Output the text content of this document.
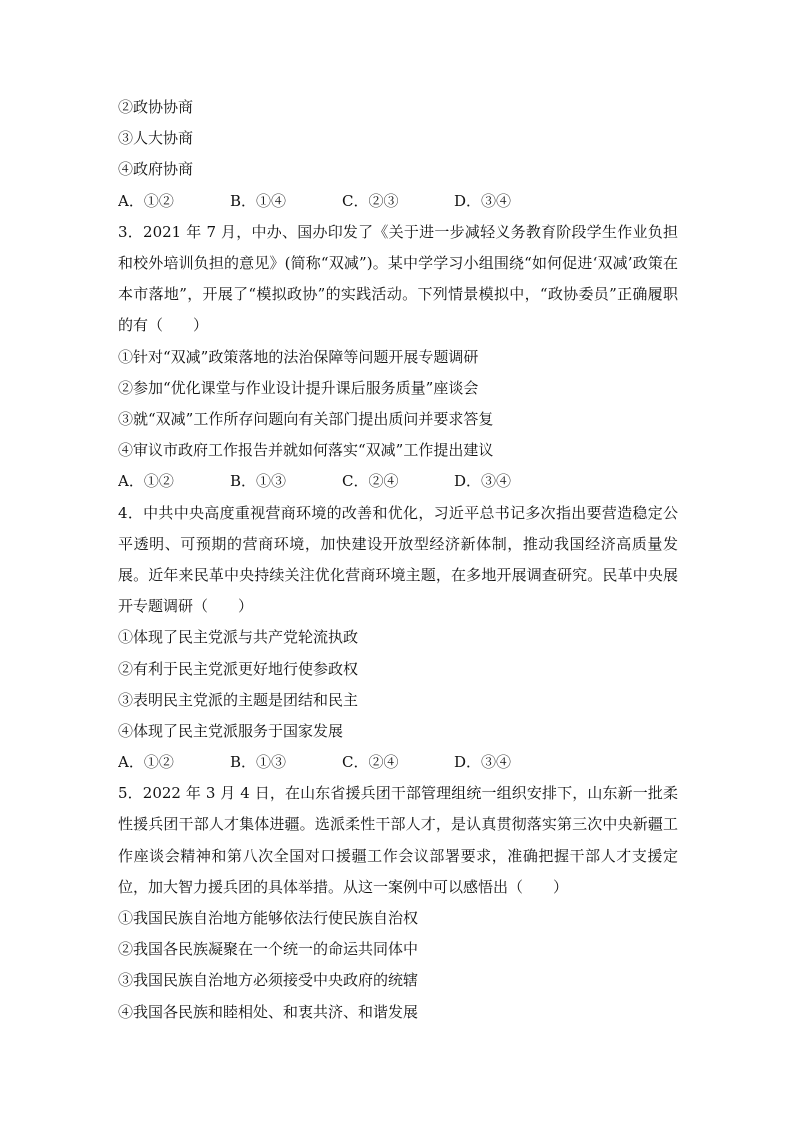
②政协协商
③人大协商
④政府协商
A．①②	B．①④	C．②③	D．③④
3．2021 年 7 月，中办、国办印发了《关于进一步减轻义务教育阶段学生作业负担和校外培训负担的意见》(简称“双减”)。某中学学习小组围绕“如何促进‘双减’政策在本市落地”，开展了“模拟政协”的实践活动。下列情景模拟中，“政协委员”正确履职的有（　　）
①针对“双减”政策落地的法治保障等问题开展专题调研
②参加“优化课堂与作业设计提升课后服务质量”座谈会
③就“双减”工作所存问题向有关部门提出质问并要求答复
④审议市政府工作报告并就如何落实“双减”工作提出建议
A．①②	B．①③	C．②④	D．③④
4．中共中央高度重视营商环境的改善和优化，习近平总书记多次指出要营造稳定公平透明、可预期的营商环境，加快建设开放型经济新体制，推动我国经济高质量发展。近年来民革中央持续关注优化营商环境主题，在多地开展调查研究。民革中央展开专题调研（　　）
①体现了民主党派与共产党轮流执政
②有利于民主党派更好地行使参政权
③表明民主党派的主题是团结和民主
④体现了民主党派服务于国家发展
A．①②	B．①③	C．②④	D．③④
5．2022 年 3 月 4 日，在山东省援兵团干部管理组统一组织安排下，山东新一批柔性援兵团干部人才集体进疆。选派柔性干部人才，是认真贯彻落实第三次中央新疆工作座谈会精神和第八次全国对口援疆工作会议部署要求，准确把握干部人才支援定位，加大智力援兵团的具体举措。从这一案例中可以感悟出（　　）
①我国民族自治地方能够依法行使民族自治权
②我国各民族凝聚在一个统一的命运共同体中
③我国民族自治地方必须接受中央政府的统辖
④我国各民族和睦相处、和衷共济、和谐发展
